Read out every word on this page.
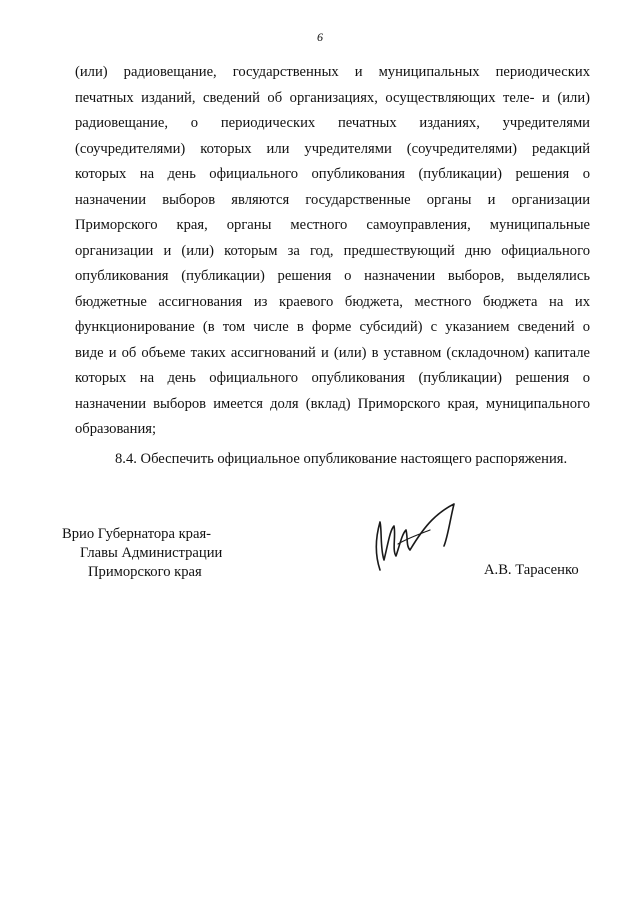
6
(или) радиовещание, государственных и муниципальных периодических
печатных изданий, сведений об организациях, осуществляющих теле- и (или)
радиовещание, о периодических печатных изданиях, учредителями
(соучредителями) которых или учредителями (соучредителями) редакций
которых на день официального опубликования (публикации) решения о
назначении выборов являются государственные органы и организации
Приморского края, органы местного самоуправления, муниципальные
организации и (или) которым за год, предшествующий дню официального
опубликования (публикации) решения о назначении выборов, выделялись
бюджетные ассигнования из краевого бюджета, местного бюджета на их
функционирование (в том числе в форме субсидий) с указанием сведений о
виде и об объеме таких ассигнований и (или) в уставном (складочном) капитале
которых на день официального опубликования (публикации) решения о
назначении выборов имеется доля (вклад) Приморского края, муниципального
образования;
8.4. Обеспечить официальное опубликование настоящего распоряжения.
Врио Губернатора края-
Главы Администрации
Приморского края	А.В. Тарасенко
